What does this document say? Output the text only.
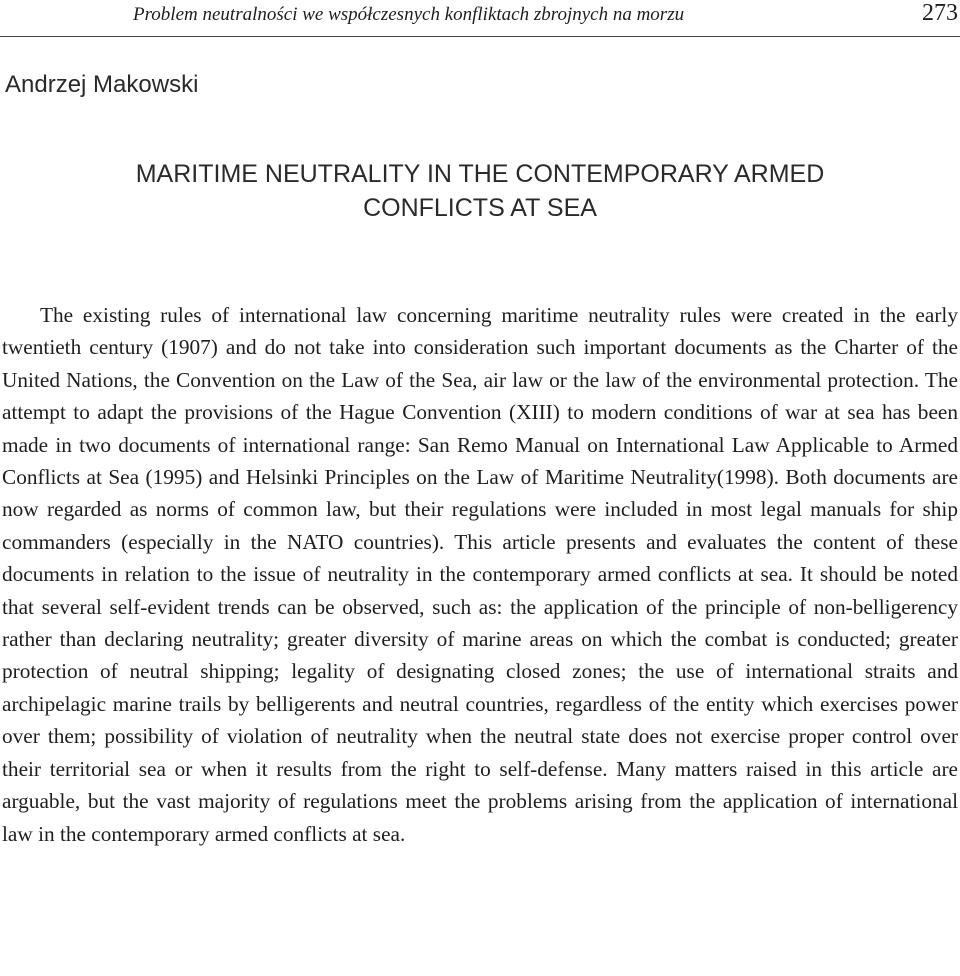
Problem neutralności we współczesnych konfliktach zbrojnych na morzu	273
Andrzej Makowski
MARITIME NEUTRALITY IN THE CONTEMPORARY ARMED
CONFLICTS AT SEA

The existing rules of international law concerning maritime neutrality rules were created in the early twentieth century (1907) and do not take into consideration such important documents as the Charter of the United Nations, the Convention on the Law of the Sea, air law or the law of the environmental protection. The attempt to adapt the provisions of the Hague Convention (XIII) to modern conditions of war at sea has been made in two documents of international range: San Remo Manual on International Law Applicable to Armed Conflicts at Sea (1995) and Helsinki Principles on the Law of Maritime Neutrality(1998). Both documents are now regarded as norms of common law, but their regulations were included in most legal manuals for ship commanders (especially in the NATO countries). This article presents and evaluates the content of these documents in relation to the issue of neutrality in the contemporary armed conflicts at sea. It should be noted that several self-evident trends can be observed, such as: the application of the principle of non-belligerency rather than declaring neutrality; greater diversity of marine areas on which the combat is conducted; greater protection of neutral shipping; legality of designating closed zones; the use of international straits and archipelagic marine trails by belligerents and neutral countries, regardless of the entity which exercises power over them; possibility of violation of neutrality when the neutral state does not exercise proper control over their territorial sea or when it results from the right to self-defense. Many matters raised in this article are arguable, but the vast majority of regulations meet the problems arising from the application of international law in the contemporary armed conflicts at sea.
